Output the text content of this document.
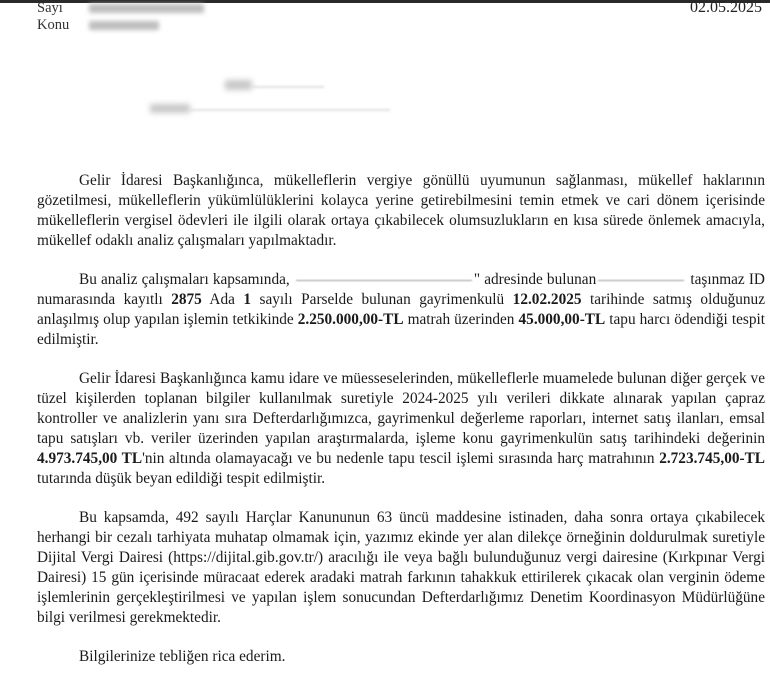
Sayı
Konu
02.05.2025

Gelir İdaresi Başkanlığınca, mükelleflerin vergiye gönüllü uyumunun sağlanması, mükellef haklarının gözetilmesi, mükelleflerin yükümlülüklerini kolayca yerine getirebilmesini temin etmek ve cari dönem içerisinde mükelleflerin vergisel ödevleri ile ilgili olarak ortaya çıkabilecek olumsuzlukların en kısa sürede önlemek amacıyla, mükellef odaklı analiz çalışmaları yapılmaktadır.

Bu analiz çalışmaları kapsamında,	" adresinde bulunan	taşınmaz ID numarasında kayıtlı 2875 Ada 1 sayılı Parselde bulunan gayrimenkulü 12.02.2025 tarihinde satmış olduğunuz anlaşılmış olup yapılan işlemin tetkikinde 2.250.000,00-TL matrah üzerinden 45.000,00-TL tapu harcı ödendiği tespit edilmiştir.

Gelir İdaresi Başkanlığınca kamu idare ve müesseselerinden, mükelleflerle muamelede bulunan diğer gerçek ve tüzel kişilerden toplanan bilgiler kullanılmak suretiyle 2024-2025 yılı verileri dikkate alınarak yapılan çapraz kontroller ve analizlerin yanı sıra Defterdarlığımızca, gayrimenkul değerleme raporları, internet satış ilanları, emsal tapu satışları vb. veriler üzerinden yapılan araştırmalarda, işleme konu gayrimenkulün satış tarihindeki değerinin 4.973.745,00 TL'nin altında olamayacağı ve bu nedenle tapu tescil işlemi sırasında harç matrahının 2.723.745,00-TL tutarında düşük beyan edildiği tespit edilmiştir.

Bu kapsamda, 492 sayılı Harçlar Kanununun 63 üncü maddesine istinaden, daha sonra ortaya çıkabilecek herhangi bir cezalı tarhiyata muhatap olmamak için, yazımız ekinde yer alan dilekçe örneğinin doldurulmak suretiyle Dijital Vergi Dairesi (https://dijital.gib.gov.tr/) aracılığı ile veya bağlı bulunduğunuz vergi dairesine (Kırkpınar Vergi Dairesi) 15 gün içerisinde müracaat ederek aradaki matrah farkının tahakkuk ettirilerek çıkacak olan verginin ödeme işlemlerinin gerçekleştirilmesi ve yapılan işlem sonucundan Defterdarlığımız Denetim Koordinasyon Müdürlüğüne bilgi verilmesi gerekmektedir.

Bilgilerinize tebliğen rica ederim.
